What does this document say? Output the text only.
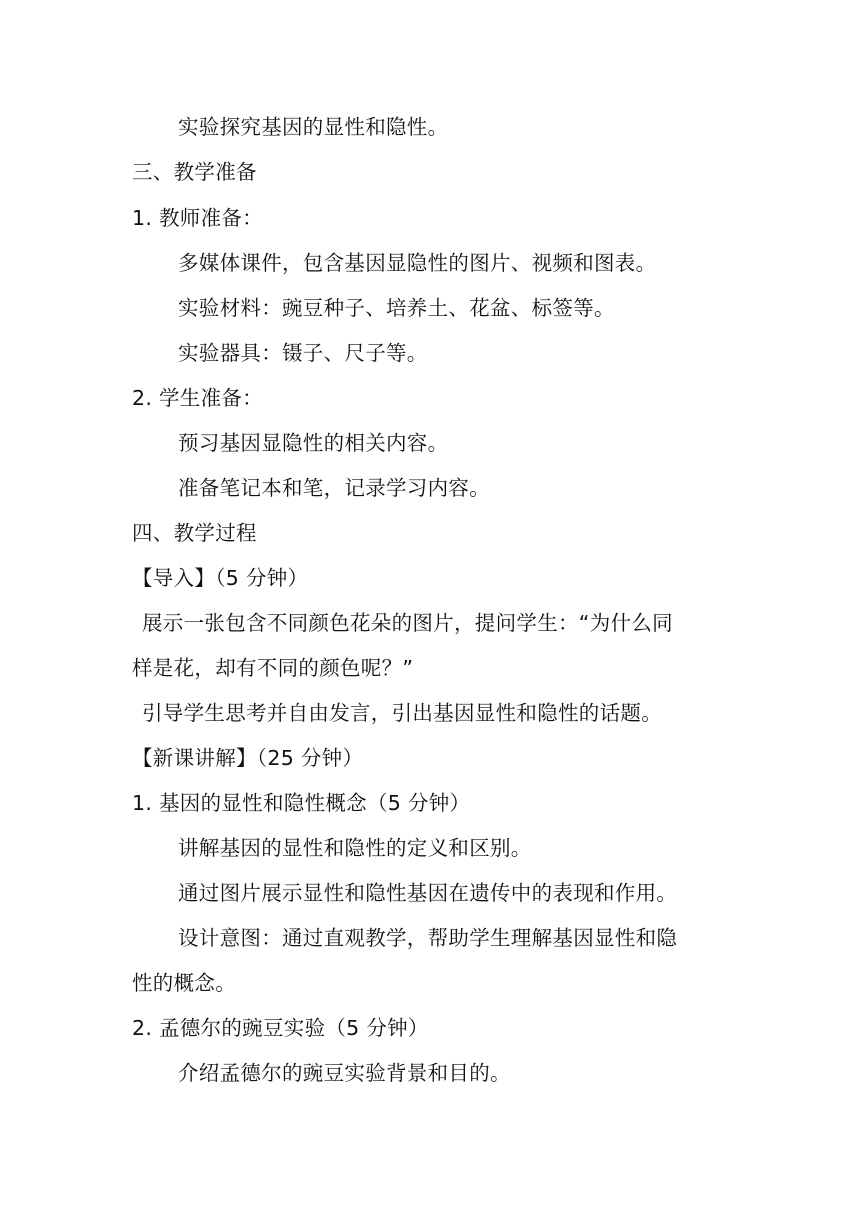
实验探究基因的显性和隐性。
三、教学准备
1. 教师准备：
多媒体课件，包含基因显隐性的图片、视频和图表。
实验材料：豌豆种子、培养土、花盆、标签等。
实验器具：镊子、尺子等。
2. 学生准备：
预习基因显隐性的相关内容。
准备笔记本和笔，记录学习内容。
四、教学过程
【导入】（5 分钟）
展示一张包含不同颜色花朵的图片，提问学生：“为什么同
样是花，却有不同的颜色呢？”
引导学生思考并自由发言，引出基因显性和隐性的话题。
【新课讲解】（25 分钟）
1. 基因的显性和隐性概念（5 分钟）
讲解基因的显性和隐性的定义和区别。
通过图片展示显性和隐性基因在遗传中的表现和作用。
设计意图：通过直观教学，帮助学生理解基因显性和隐
性的概念。
2. 孟德尔的豌豆实验（5 分钟）
介绍孟德尔的豌豆实验背景和目的。
